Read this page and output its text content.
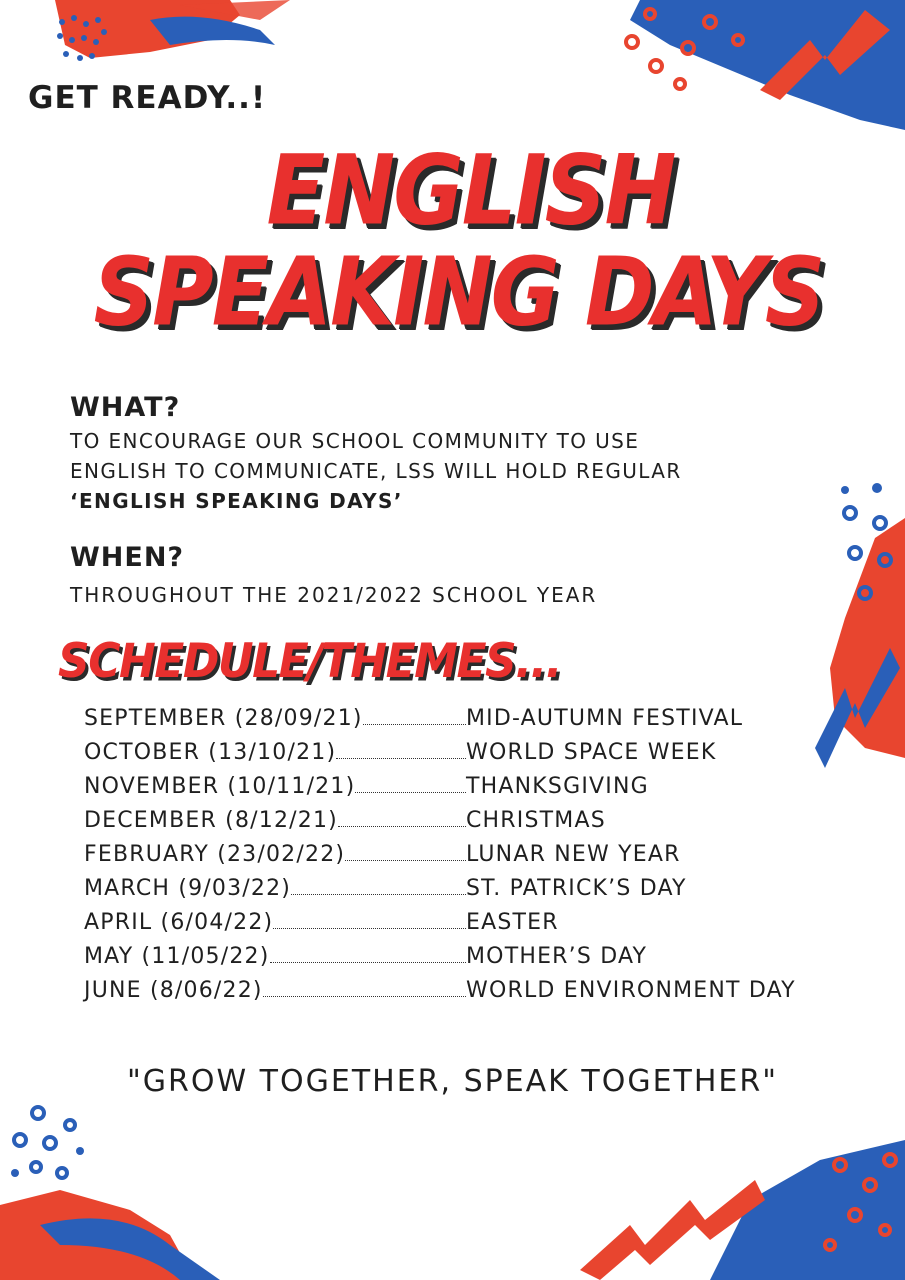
GET READY..!
ENGLISH
SPEAKING DAYS
WHAT?
TO ENCOURAGE OUR SCHOOL COMMUNITY TO USE
ENGLISH TO COMMUNICATE, LSS WILL HOLD REGULAR
‘ENGLISH SPEAKING DAYS’
WHEN?
THROUGHOUT THE 2021/2022 SCHOOL YEAR
SCHEDULE/THEMES...
SEPTEMBER (28/09/21)	MID-AUTUMN FESTIVAL
OCTOBER (13/10/21)	WORLD SPACE WEEK
NOVEMBER (10/11/21)	THANKSGIVING
DECEMBER (8/12/21)	CHRISTMAS
FEBRUARY (23/02/22)	LUNAR NEW YEAR
MARCH (9/03/22)	ST. PATRICK’S DAY
APRIL (6/04/22)	EASTER
MAY (11/05/22)	MOTHER’S DAY
JUNE (8/06/22)	WORLD ENVIRONMENT DAY
"GROW TOGETHER, SPEAK TOGETHER"
